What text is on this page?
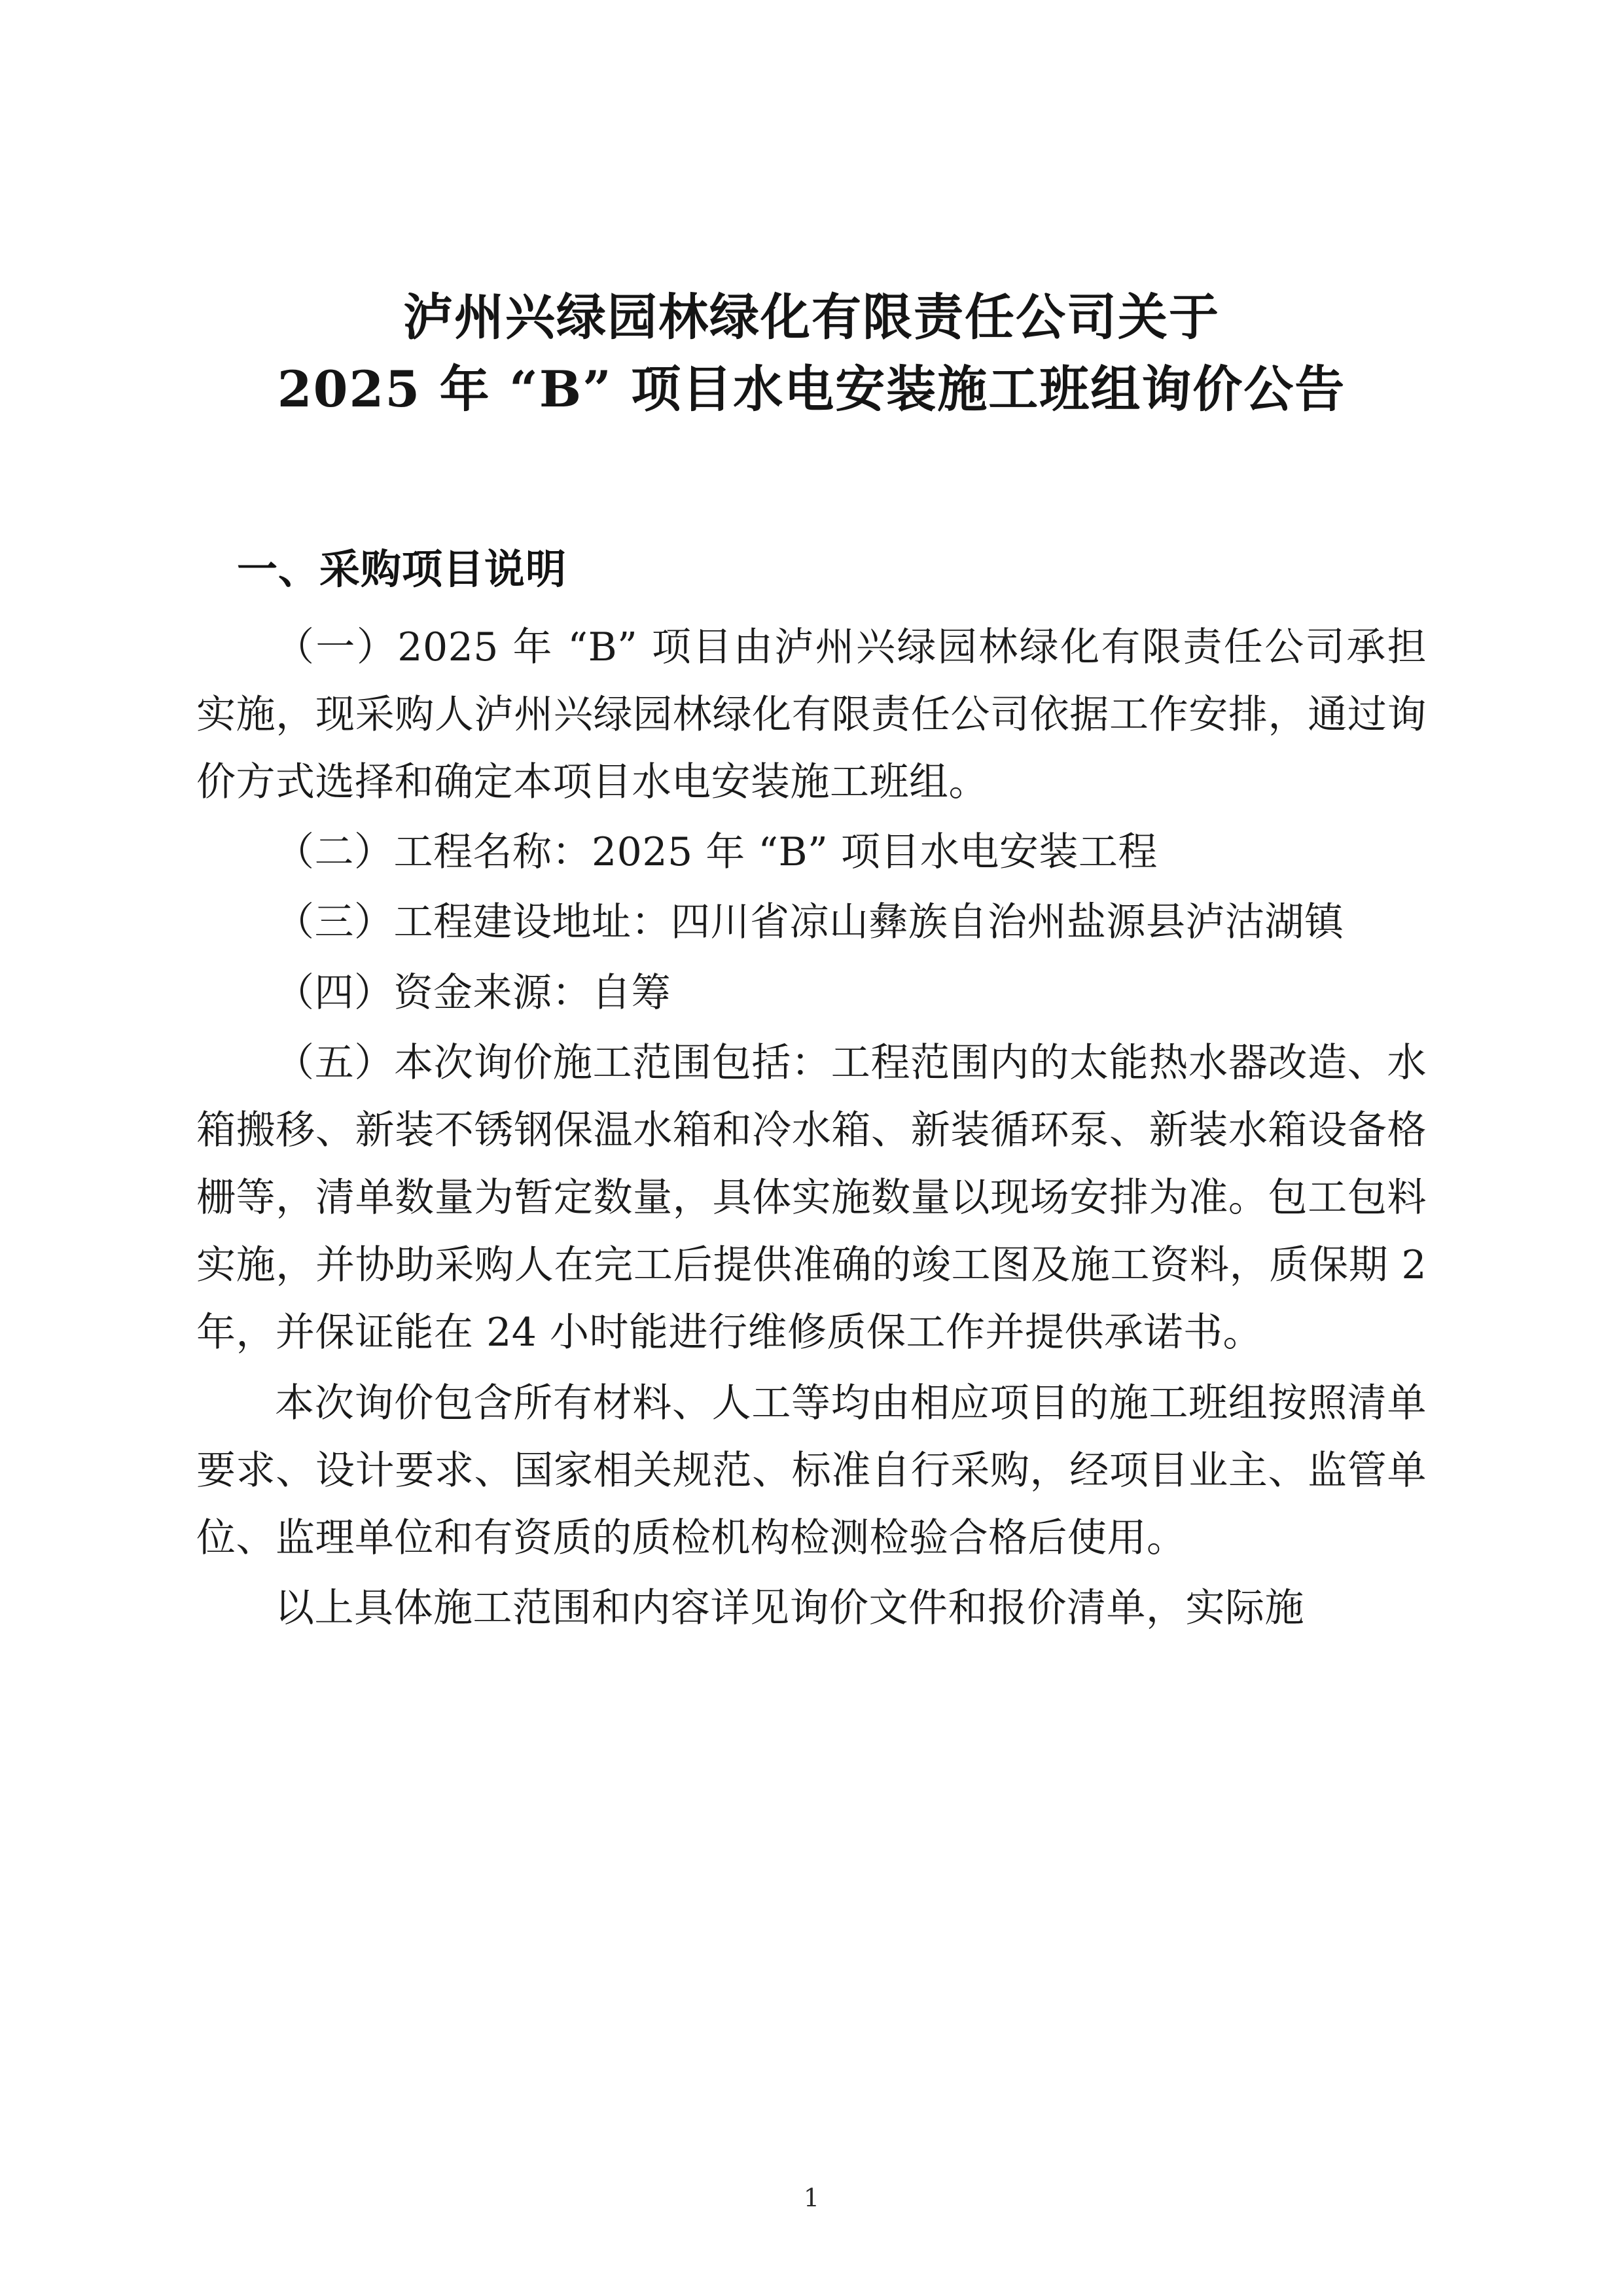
泸州兴绿园林绿化有限责任公司关于
2025 年 “B” 项目水电安装施工班组询价公告
一、采购项目说明

（一）2025 年 “B” 项目由泸州兴绿园林绿化有限责任公司承担实施，现采购人泸州兴绿园林绿化有限责任公司依据工作安排，通过询价方式选择和确定本项目水电安装施工班组。

（二）工程名称：2025 年 “B” 项目水电安装工程

（三）工程建设地址：四川省凉山彝族自治州盐源县泸沽湖镇

（四）资金来源：自筹

（五）本次询价施工范围包括：工程范围内的太能热水器改造、水箱搬移、新装不锈钢保温水箱和冷水箱、新装循环泵、新装水箱设备格栅等，清单数量为暂定数量，具体实施数量以现场安排为准。包工包料实施，并协助采购人在完工后提供准确的竣工图及施工资料，质保期 2 年，并保证能在 24 小时能进行维修质保工作并提供承诺书。

本次询价包含所有材料、人工等均由相应项目的施工班组按照清单要求、设计要求、国家相关规范、标准自行采购，经项目业主、监管单位、监理单位和有资质的质检机构检测检验合格后使用。

以上具体施工范围和内容详见询价文件和报价清单，实际施

1
